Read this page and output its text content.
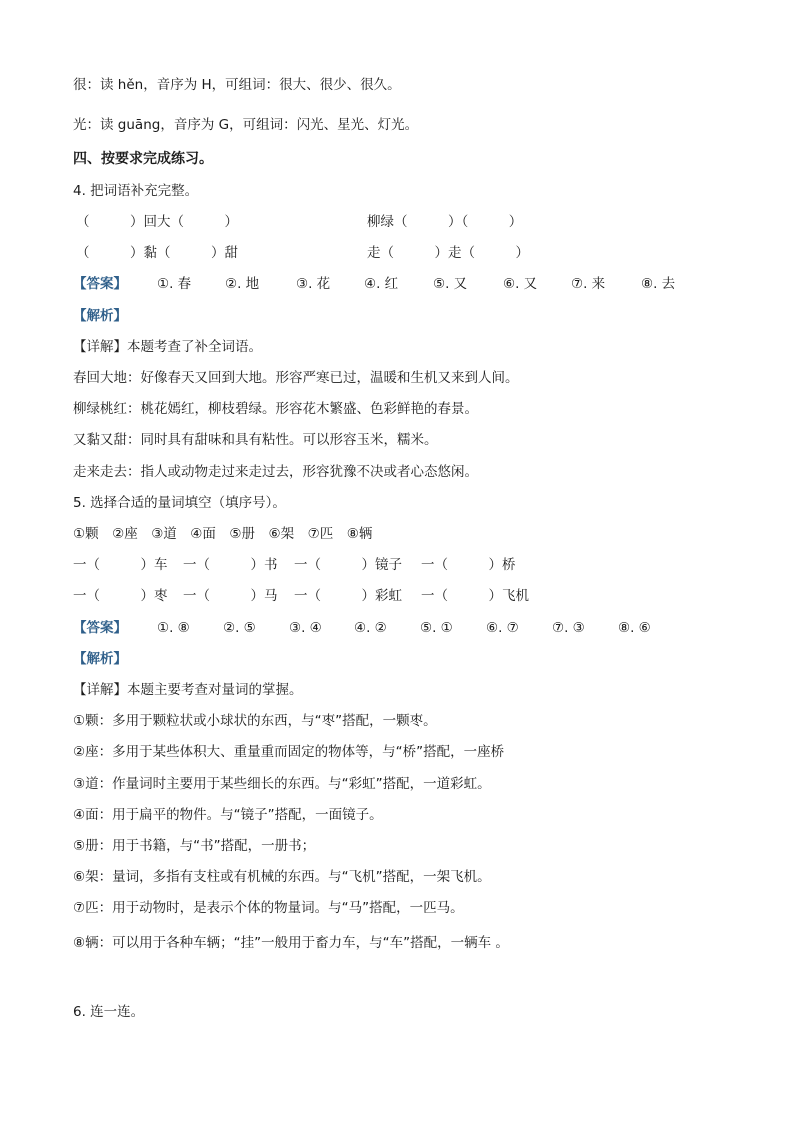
很：读 hěn，音序为 H，可组词：很大、很少、很久。
光：读 guāng，音序为 G，可组词：闪光、星光、灯光。
四、按要求完成练习。
4. 把词语补充完整。
（　　　）回大（　　　）	柳绿（　　　）（　　　）
（　　　）黏（　　　）甜	走（　　　）走（　　　）
【答案】 ①. 春	②. 地	③. 花	④. 红	⑤. 又	⑥. 又	⑦. 来	⑧. 去
【解析】
【详解】本题考查了补全词语。
春回大地：好像春天又回到大地。形容严寒已过，温暖和生机又来到人间。
柳绿桃红：桃花嫣红，柳枝碧绿。形容花木繁盛、色彩鲜艳的春景。
又黏又甜：同时具有甜味和具有粘性。可以形容玉米，糯米。
走来走去：指人或动物走过来走过去，形容犹豫不决或者心态悠闲。
5. 选择合适的量词填空（填序号）。
①颗　②座　③道　④面　⑤册　⑥架　⑦匹　⑧辆
一（　　　）车 一（　　　）书 一（　　　）镜子 一（　　　）桥
一（　　　）枣 一（　　　）马 一（　　　）彩虹 一（　　　）飞机
【答案】 ①. ⑧ ②. ⑤ ③. ④ ④. ② ⑤. ① ⑥. ⑦ ⑦. ③ ⑧. ⑥
【解析】
【详解】本题主要考查对量词的掌握。
①颗：多用于颗粒状或小球状的东西，与“枣”搭配，一颗枣。
②座：多用于某些体积大、重量重而固定的物体等，与“桥”搭配，一座桥
③道：作量词时主要用于某些细长的东西。与“彩虹”搭配，一道彩虹。
④面：用于扁平的物件。与“镜子”搭配，一面镜子。
⑤册：用于书籍，与“书”搭配，一册书；
⑥架：量词，多指有支柱或有机械的东西。与“飞机”搭配，一架飞机。
⑦匹：用于动物时，是表示个体的物量词。与“马”搭配，一匹马。
⑧辆：可以用于各种车辆；“挂”一般用于畜力车，与“车”搭配，一辆车 。
6. 连一连。
